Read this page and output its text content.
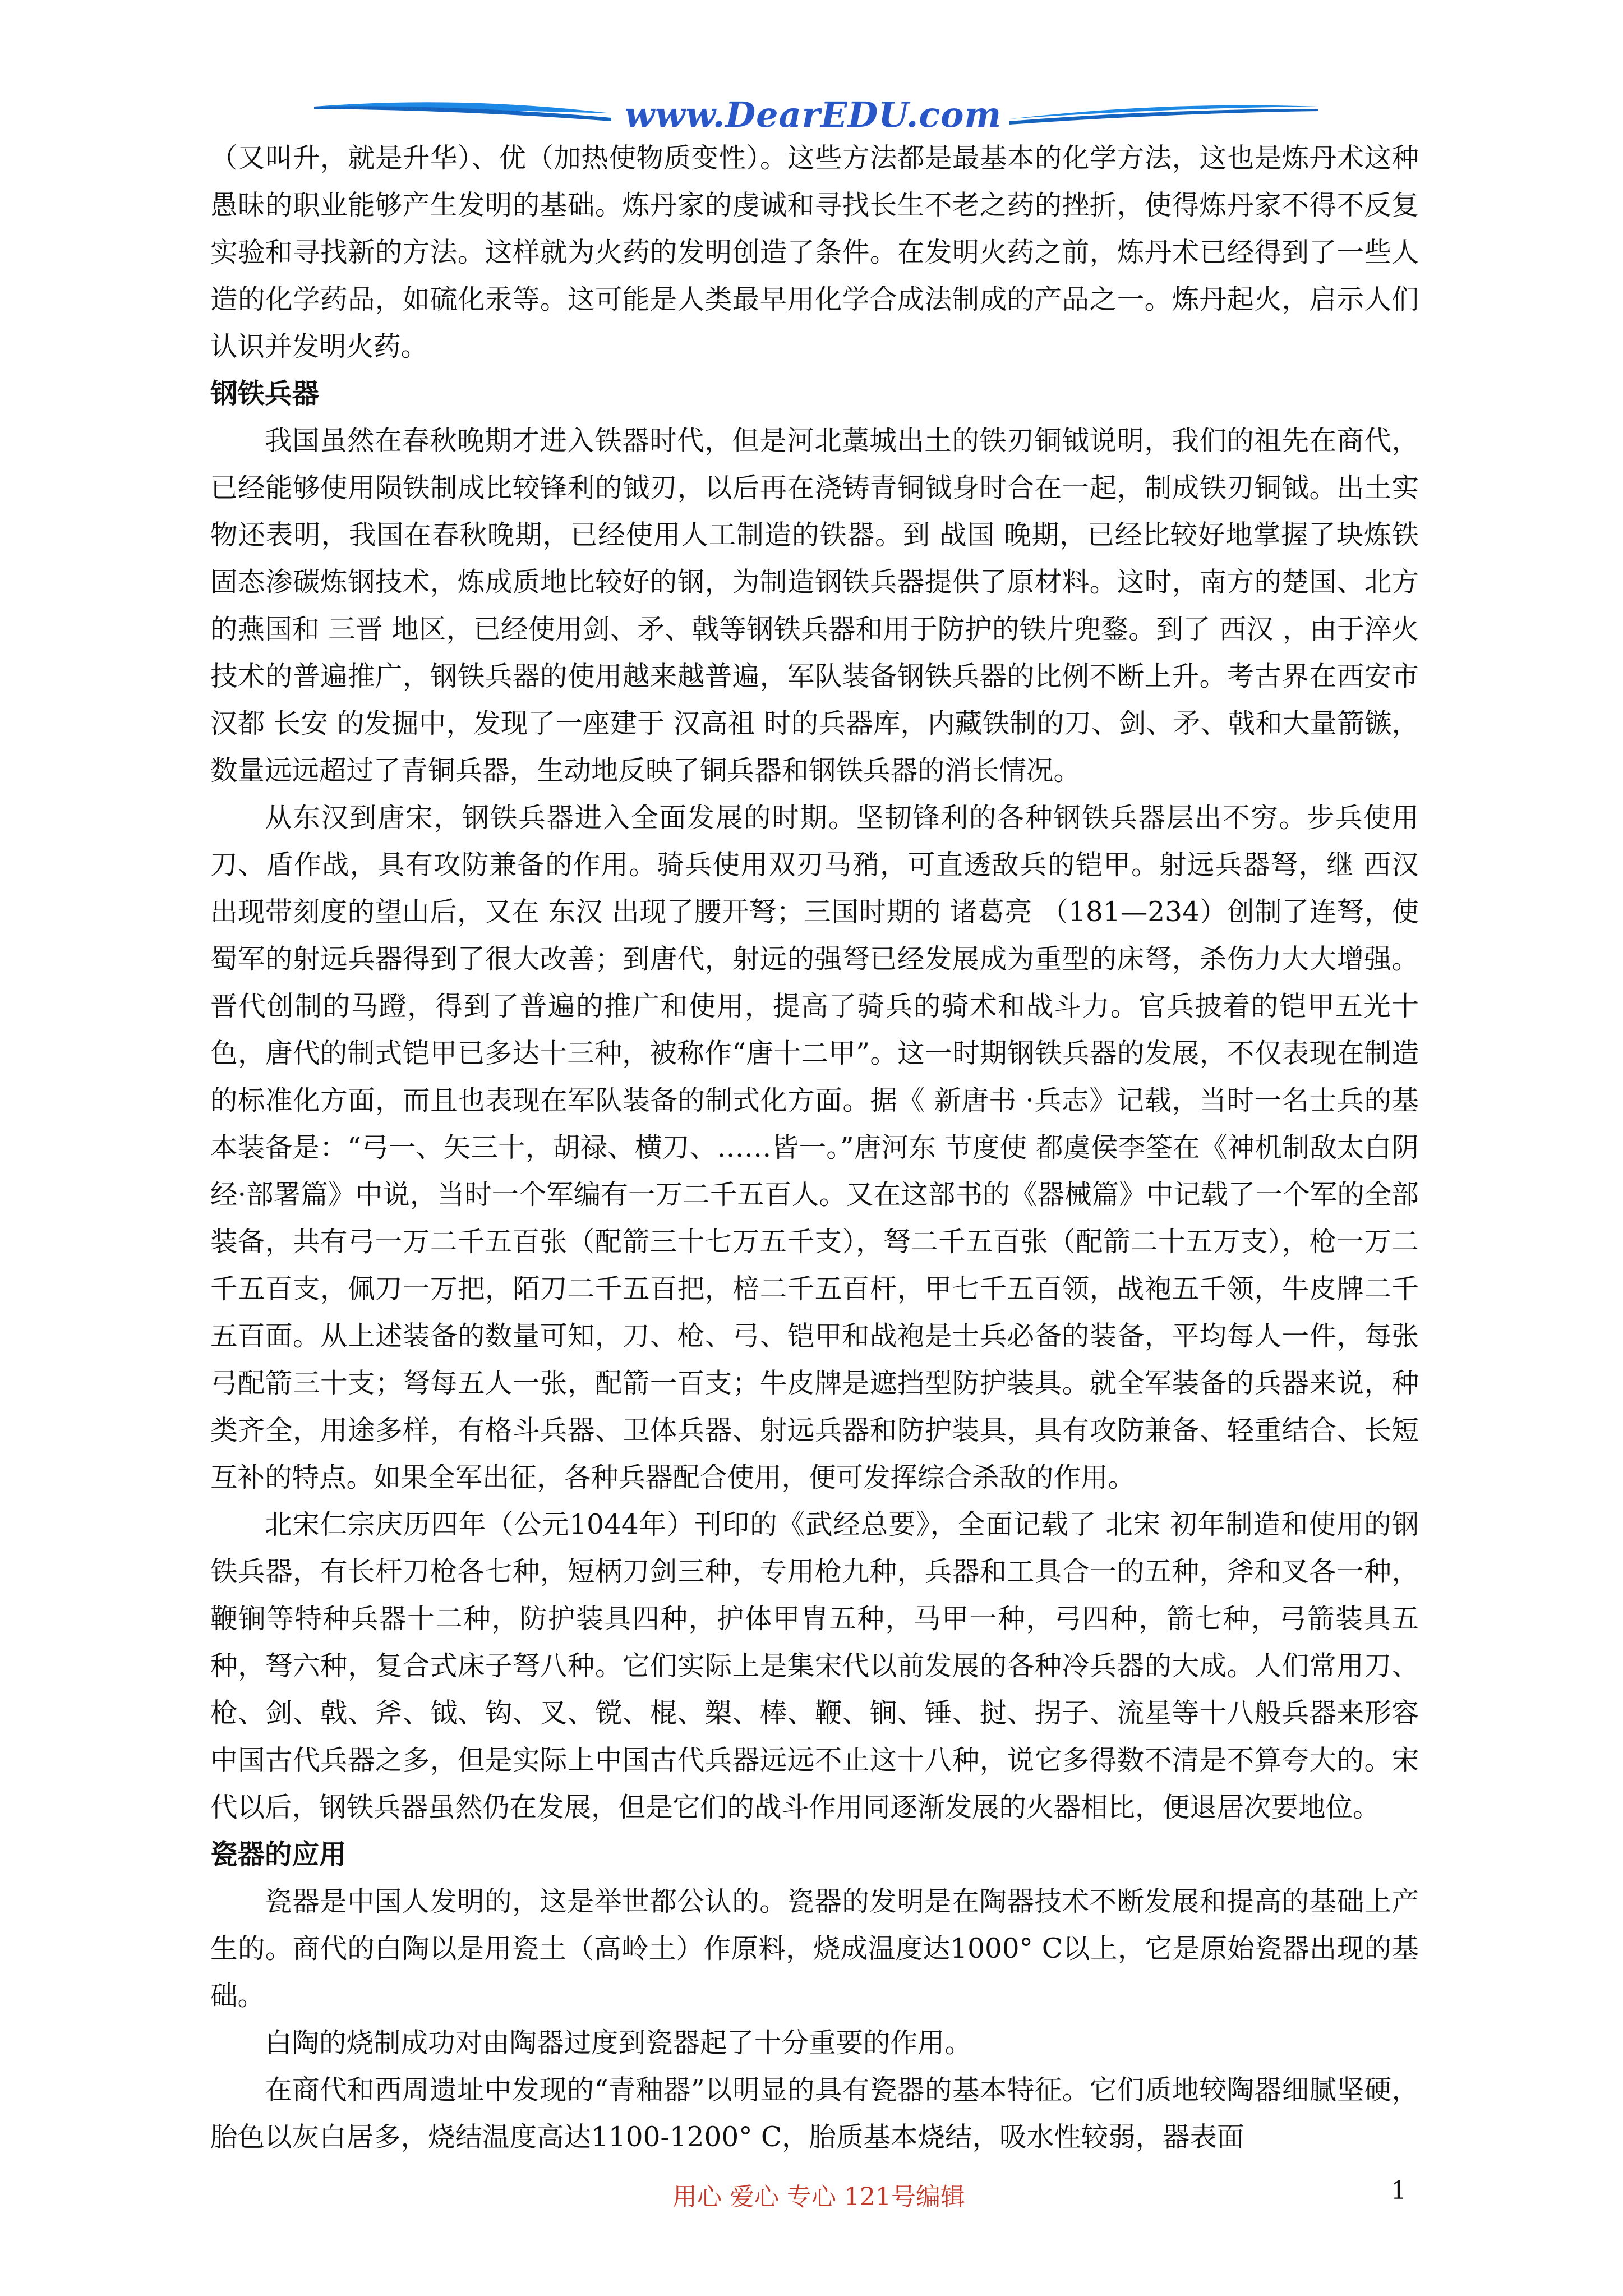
www.DearEDU.com

（又叫升，就是升华）、优（加热使物质变性）。这些方法都是最基本的化学方法，这也是炼丹术这种愚昧的职业能够产生发明的基础。炼丹家的虔诚和寻找长生不老之药的挫折，使得炼丹家不得不反复实验和寻找新的方法。这样就为火药的发明创造了条件。在发明火药之前，炼丹术已经得到了一些人造的化学药品，如硫化汞等。这可能是人类最早用化学合成法制成的产品之一。炼丹起火，启示人们认识并发明火药。

钢铁兵器

我国虽然在春秋晚期才进入铁器时代，但是河北藁城出土的铁刃铜钺说明，我们的祖先在商代，已经能够使用陨铁制成比较锋利的钺刃，以后再在浇铸青铜钺身时合在一起，制成铁刃铜钺。出土实物还表明，我国在春秋晚期，已经使用人工制造的铁器。到 战国 晚期，已经比较好地掌握了块炼铁固态渗碳炼钢技术，炼成质地比较好的钢，为制造钢铁兵器提供了原材料。这时，南方的楚国、北方的燕国和 三晋 地区，已经使用剑、矛、戟等钢铁兵器和用于防护的铁片兜鍪。到了 西汉 ，由于淬火技术的普遍推广，钢铁兵器的使用越来越普遍，军队装备钢铁兵器的比例不断上升。考古界在西安市汉都 长安 的发掘中，发现了一座建于 汉高祖 时的兵器库，内藏铁制的刀、剑、矛、戟和大量箭镞，数量远远超过了青铜兵器，生动地反映了铜兵器和钢铁兵器的消长情况。

从东汉到唐宋，钢铁兵器进入全面发展的时期。坚韧锋利的各种钢铁兵器层出不穷。步兵使用刀、盾作战，具有攻防兼备的作用。骑兵使用双刃马矟，可直透敌兵的铠甲。射远兵器弩，继 西汉 出现带刻度的望山后，又在 东汉 出现了腰开弩；三国时期的 诸葛亮 （181—234）创制了连弩，使蜀军的射远兵器得到了很大改善；到唐代，射远的强弩已经发展成为重型的床弩，杀伤力大大增强。晋代创制的马蹬，得到了普遍的推广和使用，提高了骑兵的骑术和战斗力。官兵披着的铠甲五光十色，唐代的制式铠甲已多达十三种，被称作“唐十二甲”。这一时期钢铁兵器的发展，不仅表现在制造的标准化方面，而且也表现在军队装备的制式化方面。据《 新唐书 ·兵志》记载，当时一名士兵的基本装备是：“弓一、矢三十，胡禄、横刀、……皆一。”唐河东 节度使 都虞侯李筌在《神机制敌太白阴经·部署篇》中说，当时一个军编有一万二千五百人。又在这部书的《器械篇》中记载了一个军的全部装备，共有弓一万二千五百张（配箭三十七万五千支），弩二千五百张（配箭二十五万支），枪一万二千五百支，佩刀一万把，陌刀二千五百把，棓二千五百杆，甲七千五百领，战袍五千领，牛皮牌二千五百面。从上述装备的数量可知，刀、枪、弓、铠甲和战袍是士兵必备的装备，平均每人一件，每张弓配箭三十支；弩每五人一张，配箭一百支；牛皮牌是遮挡型防护装具。就全军装备的兵器来说，种类齐全，用途多样，有格斗兵器、卫体兵器、射远兵器和防护装具，具有攻防兼备、轻重结合、长短互补的特点。如果全军出征，各种兵器配合使用，便可发挥综合杀敌的作用。

北宋仁宗庆历四年（公元1044年）刊印的《武经总要》，全面记载了 北宋 初年制造和使用的钢铁兵器，有长杆刀枪各七种，短柄刀剑三种，专用枪九种，兵器和工具合一的五种，斧和叉各一种，鞭锏等特种兵器十二种，防护装具四种，护体甲胄五种，马甲一种，弓四种，箭七种，弓箭装具五种，弩六种，复合式床子弩八种。它们实际上是集宋代以前发展的各种冷兵器的大成。人们常用刀、枪、剑、戟、斧、钺、钩、叉、镋、棍、槊、棒、鞭、锏、锤、挝、拐子、流星等十八般兵器来形容中国古代兵器之多，但是实际上中国古代兵器远远不止这十八种，说它多得数不清是不算夸大的。宋代以后，钢铁兵器虽然仍在发展，但是它们的战斗作用同逐渐发展的火器相比，便退居次要地位。

瓷器的应用

瓷器是中国人发明的，这是举世都公认的。瓷器的发明是在陶器技术不断发展和提高的基础上产生的。商代的白陶以是用瓷土（高岭土）作原料，烧成温度达1000° C以上，它是原始瓷器出现的基础。

白陶的烧制成功对由陶器过度到瓷器起了十分重要的作用。

在商代和西周遗址中发现的“青釉器”以明显的具有瓷器的基本特征。它们质地较陶器细腻坚硬，胎色以灰白居多，烧结温度高达1100-1200° C，胎质基本烧结，吸水性较弱，器表面

用心 爱心 专心 121号编辑	1
